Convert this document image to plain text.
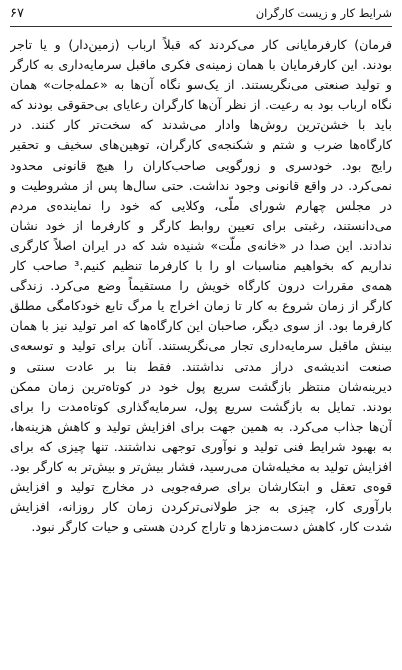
شرایط کار و زیست کارگران
۶۷
فرمان) کارفرمایانی کار می‌کردند که قبلاً ارباب (زمین‌دار) و یا تاجر
بودند. این کارفرمایان با همان زمینه‌ی فکری ماقبل سرمایه‌داری به کارگر
و تولید صنعتی می‌نگریستند. از یک‌سو نگاه آن‌ها به «عمله‌جات» همان
نگاه ارباب بود به رعیت. از نظر آن‌ها کارگران رعایای بی‌حقوقی بودند که
باید با خشن‌ترین روش‌ها وادار می‌شدند که سخت‌تر کار کنند. در
کارگاه‌ها ضرب و شتم و شکنجه‌ی کارگران، توهین‌های سخیف و تحقیر
رایج بود. خودسری و زورگویی صاحب‌کاران را هیچ قانونی محدود
نمی‌کرد. در واقع قانونی وجود نداشت. حتی سال‌ها پس از مشروطیت و
در مجلس چهارم شورای ملّی، وکلایی که خود را نماینده‌ی مردم
می‌دانستند، رغبتی برای تعیین روابط کارگر و کارفرما از خود نشان
ندادند. این صدا در «خانه‌ی ملّت» شنیده شد که در ایران اصلاً کارگری
نداریم که بخواهیم مناسبات او را با کارفرما تنظیم کنیم.³ صاحب کار
همه‌ی مقررات درون کارگاه خویش را مستقیماً وضع می‌کرد. زندگی
کارگر از زمان شروع به کار تا زمان اخراج یا مرگ تابع خودکامگی مطلق
کارفرما بود. از سوی دیگر، صاحبان این کارگاه‌ها که امر تولید نیز با همان
بینش ماقبل سرمایه‌داری تجار می‌نگریستند. آنان برای تولید و توسعه‌ی
صنعت اندیشه‌ی دراز مدتی نداشتند. فقط بنا بر عادت سنتی و
دیرینه‌شان منتظر بازگشت سریع پول خود در کوتاه‌ترین زمان ممکن
بودند. تمایل به بازگشت سریع پول، سرمایه‌گذاری کوتاه‌مدت را برای
آن‌ها جذاب می‌کرد. به همین جهت برای افزایش تولید و کاهش هزینه‌ها،
به بهبود شرایط فنی تولید و نوآوری توجهی نداشتند. تنها چیزی که برای
افزایش تولید به مخیله‌شان می‌رسید، فشار بیش‌تر و بیش‌تر به کارگر بود.
قوه‌ی تعقل و ابتکارشان برای صرفه‌جویی در مخارج تولید و افزایش
بارآوری کار، چیزی به جز طولانی‌ترکردن زمان کار روزانه، افزایش
شدت کار، کاهش دست‌مزدها و تاراج کردن هستی و حیات کارگر نبود.
